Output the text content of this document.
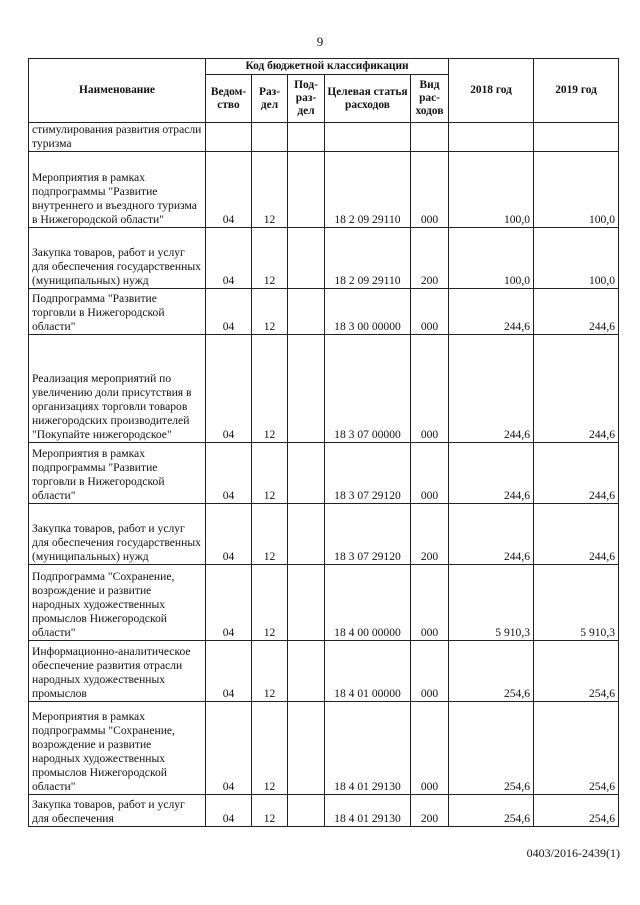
9
Наименование	Код бюджетной классификации					2018 год	2019 год
	Ведом-ство	Раз-дел	Под-раз-дел	Целевая статья расходов	Вид рас-ходов		
стимулирования развития отрасли туризма							
Мероприятия в рамках подпрограммы "Развитие внутреннего и въездного туризма в Нижегородской области"	04	12		18 2 09 29110	000	100,0	100,0
Закупка товаров, работ и услуг для обеспечения государственных (муниципальных) нужд	04	12		18 2 09 29110	200	100,0	100,0
Подпрограмма "Развитие торговли в Нижегородской области"	04	12		18 3 00 00000	000	244,6	244,6
Реализация мероприятий по увеличению доли присутствия в организациях торговли товаров нижегородских производителей "Покупайте нижегородское"	04	12		18 3 07 00000	000	244,6	244,6
Мероприятия в рамках подпрограммы "Развитие торговли в Нижегородской области"	04	12		18 3 07 29120	000	244,6	244,6
Закупка товаров, работ и услуг для обеспечения государственных (муниципальных) нужд	04	12		18 3 07 29120	200	244,6	244,6
Подпрограмма "Сохранение, возрождение и развитие народных художественных промыслов Нижегородской области"	04	12		18 4 00 00000	000	5 910,3	5 910,3
Информационно-аналитическое обеспечение развития отрасли народных художественных промыслов	04	12		18 4 01 00000	000	254,6	254,6
Мероприятия в рамках подпрограммы "Сохранение, возрождение и развитие народных художественных промыслов Нижегородской области"	04	12		18 4 01 29130	000	254,6	254,6
Закупка товаров, работ и услуг для обеспечения	04	12		18 4 01 29130	200	254,6	254,6
0403/2016-2439(1)
